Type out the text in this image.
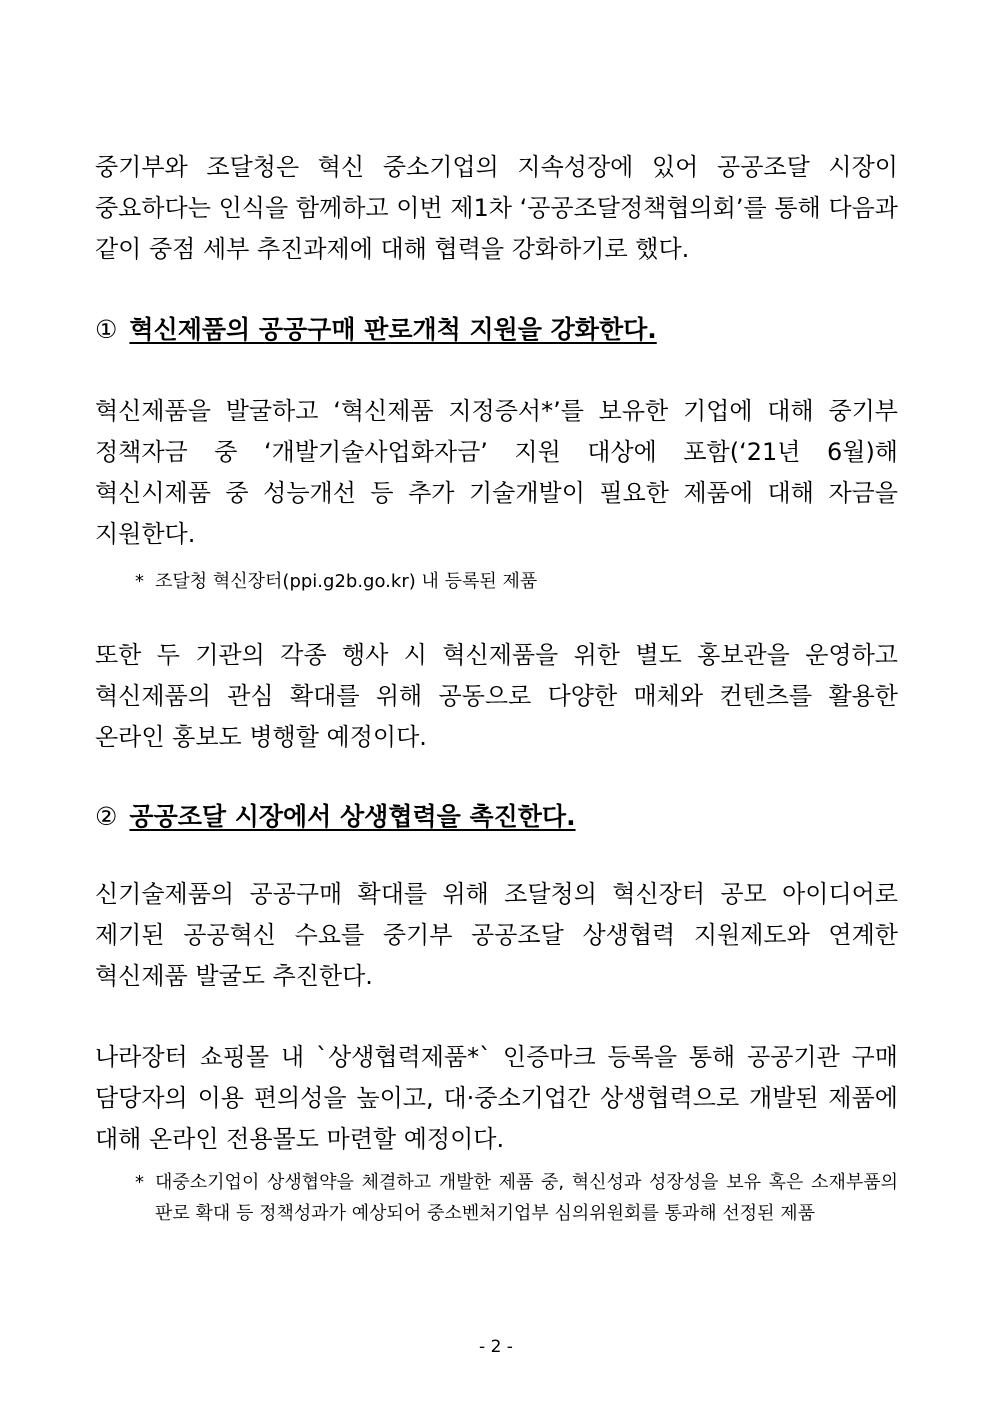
중기부와 조달청은 혁신 중소기업의 지속성장에 있어 공공조달 시장이 중요하다는 인식을 함께하고 이번 제1차 ‘공공조달정책협의회’를 통해 다음과 같이 중점 세부 추진과제에 대해 협력을 강화하기로 했다.

① 혁신제품의 공공구매 판로개척 지원을 강화한다.

혁신제품을 발굴하고 ‘혁신제품 지정증서*’를 보유한 기업에 대해 중기부 정책자금 중 ‘개발기술사업화자금’ 지원 대상에 포함(‘21년 6월)해 혁신시제품 중 성능개선 등 추가 기술개발이 필요한 제품에 대해 자금을 지원한다.

* 조달청 혁신장터(ppi.g2b.go.kr) 내 등록된 제품

또한 두 기관의 각종 행사 시 혁신제품을 위한 별도 홍보관을 운영하고 혁신제품의 관심 확대를 위해 공동으로 다양한 매체와 컨텐츠를 활용한 온라인 홍보도 병행할 예정이다.

② 공공조달 시장에서 상생협력을 촉진한다.

신기술제품의 공공구매 확대를 위해 조달청의 혁신장터 공모 아이디어로 제기된 공공혁신 수요를 중기부 공공조달 상생협력 지원제도와 연계한 혁신제품 발굴도 추진한다.

나라장터 쇼핑몰 내 `상생협력제품*` 인증마크 등록을 통해 공공기관 구매 담당자의 이용 편의성을 높이고, 대·중소기업간 상생협력으로 개발된 제품에 대해 온라인 전용몰도 마련할 예정이다.

* 대중소기업이 상생협약을 체결하고 개발한 제품 중, 혁신성과 성장성을 보유 혹은 소재부품의 판로 확대 등 정책성과가 예상되어 중소벤처기업부 심의위원회를 통과해 선정된 제품
- 2 -
